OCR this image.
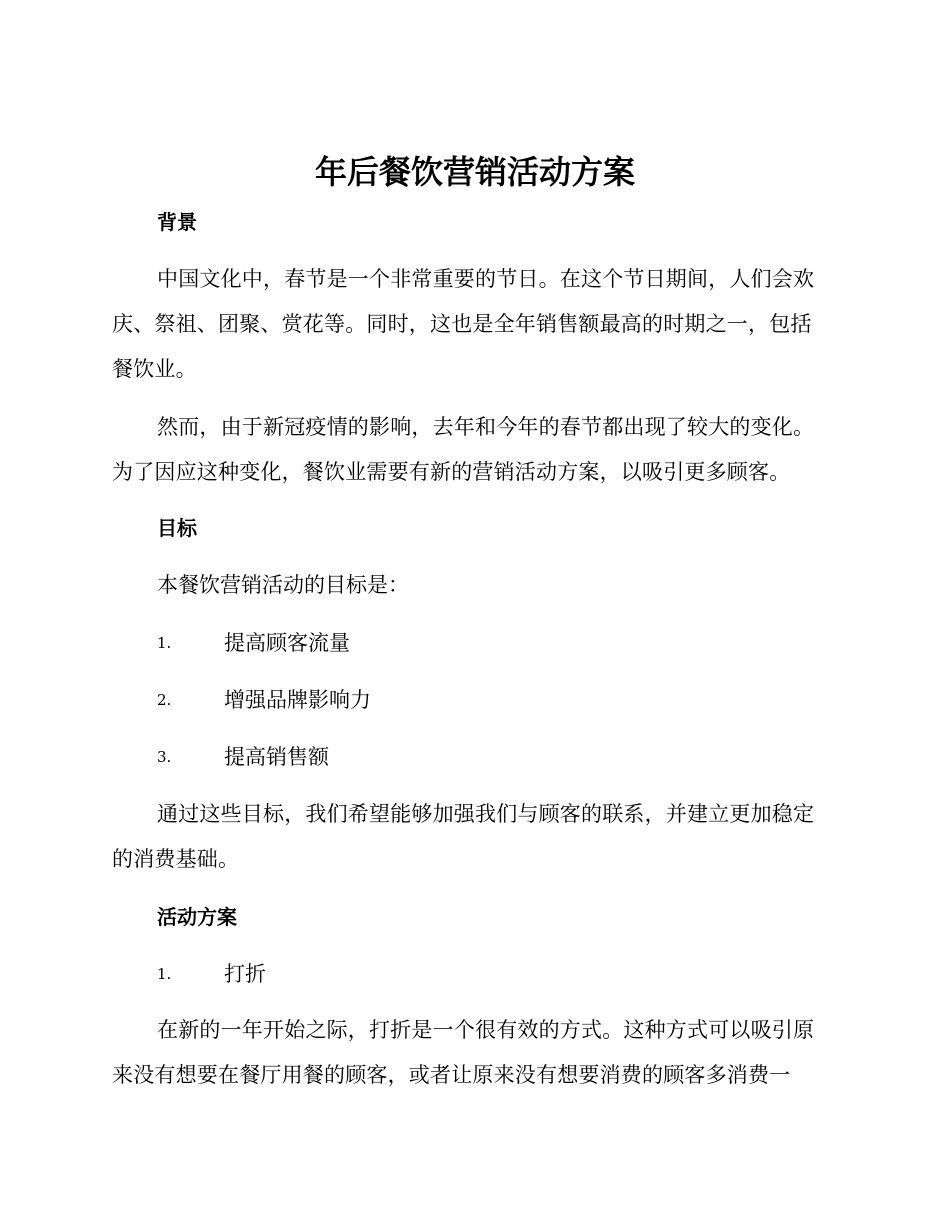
年后餐饮营销活动方案
背景

中国文化中，春节是一个非常重要的节日。在这个节日期间，人们会欢庆、祭祖、团聚、赏花等。同时，这也是全年销售额最高的时期之一，包括餐饮业。

然而，由于新冠疫情的影响，去年和今年的春节都出现了较大的变化。为了因应这种变化，餐饮业需要有新的营销活动方案，以吸引更多顾客。

目标

本餐饮营销活动的目标是：

1.	提高顾客流量
2.	增强品牌影响力
3.	提高销售额

通过这些目标，我们希望能够加强我们与顾客的联系，并建立更加稳定的消费基础。

活动方案
1.	打折

在新的一年开始之际，打折是一个很有效的方式。这种方式可以吸引原来没有想要在餐厅用餐的顾客，或者让原来没有想要消费的顾客多消费一
